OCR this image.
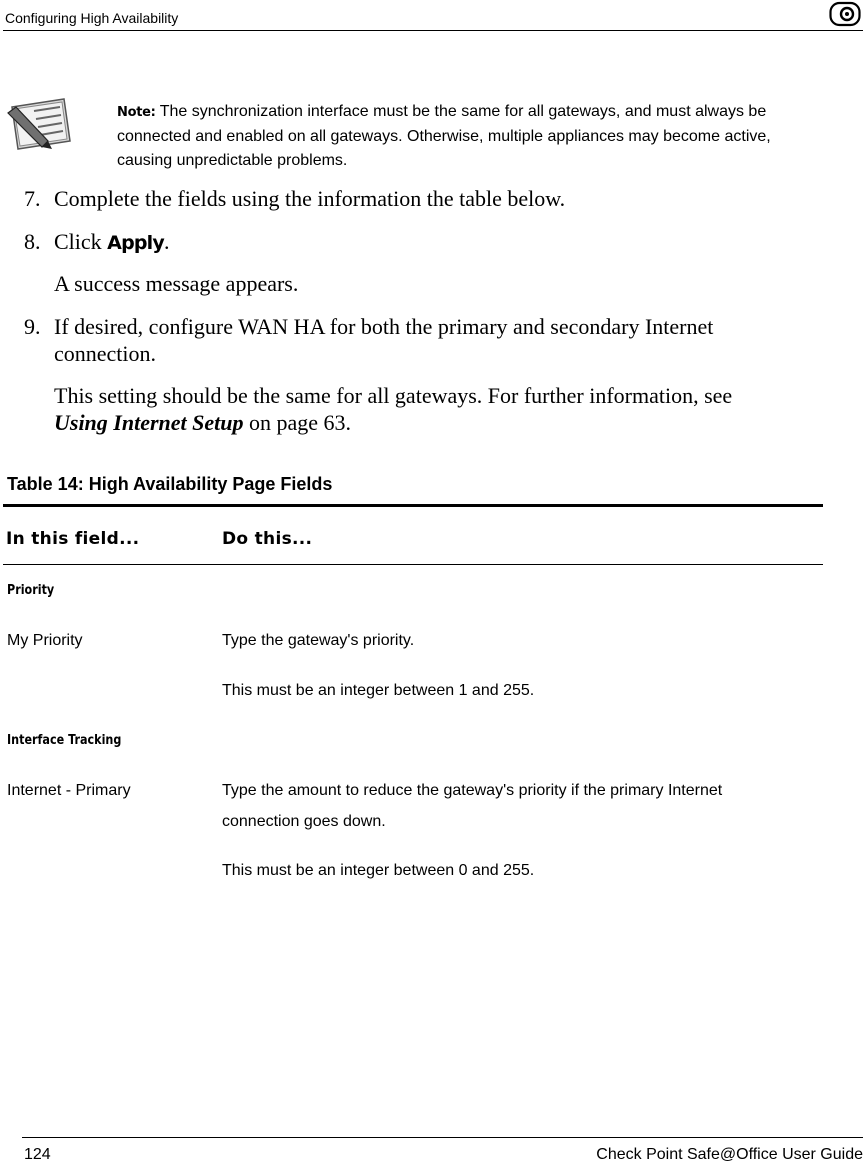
Configuring High Availability
Note: The synchronization interface must be the same for all gateways, and must always be connected and enabled on all gateways. Otherwise, multiple appliances may become active, causing unpredictable problems.
7. Complete the fields using the information the table below.
8. Click Apply.
A success message appears.
9. If desired, configure WAN HA for both the primary and secondary Internet
connection.
This setting should be the same for all gateways. For further information, see
Using Internet Setup on page 63.
Table 14: High Availability Page Fields
In this field...	Do this...
Priority
My Priority	Type the gateway's priority.
This must be an integer between 1 and 255.
Interface Tracking
Internet - Primary	Type the amount to reduce the gateway's priority if the primary Internet
connection goes down.
This must be an integer between 0 and 255.
124	Check Point Safe@Office User Guide
